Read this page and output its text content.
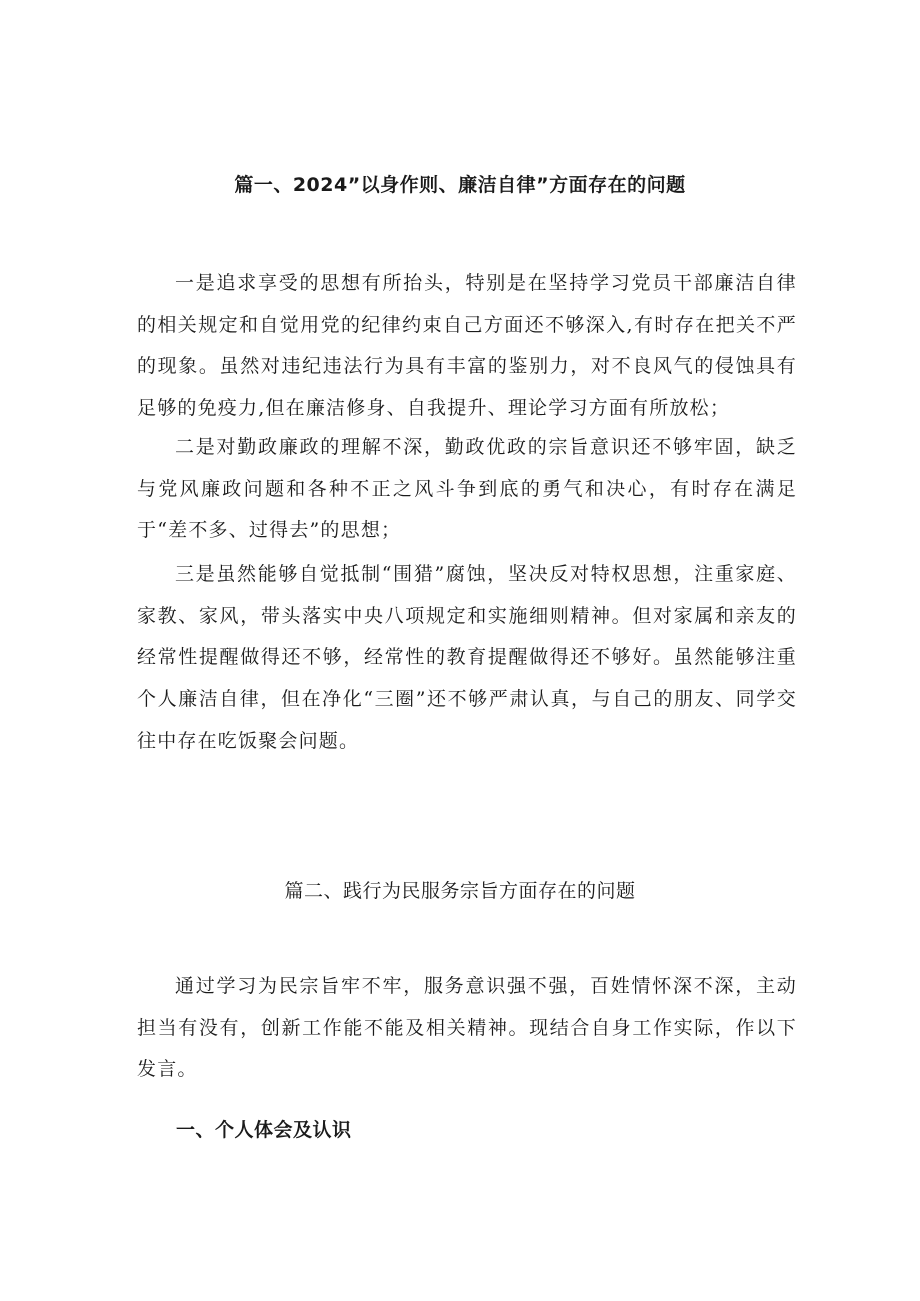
篇一、2024”以身作则、廉洁自律”方面存在的问题

一是追求享受的思想有所抬头，特别是在坚持学习党员干部廉洁自律的相关规定和自觉用党的纪律约束自己方面还不够深入,有时存在把关不严的现象。虽然对违纪违法行为具有丰富的鉴别力，对不良风气的侵蚀具有足够的免疫力,但在廉洁修身、自我提升、理论学习方面有所放松；

二是对勤政廉政的理解不深，勤政优政的宗旨意识还不够牢固，缺乏与党风廉政问题和各种不正之风斗争到底的勇气和决心，有时存在满足于“差不多、过得去”的思想；

三是虽然能够自觉抵制“围猎”腐蚀，坚决反对特权思想，注重家庭、家教、家风，带头落实中央八项规定和实施细则精神。但对家属和亲友的经常性提醒做得还不够，经常性的教育提醒做得还不够好。虽然能够注重个人廉洁自律，但在净化“三圈”还不够严肃认真，与自己的朋友、同学交往中存在吃饭聚会问题。

篇二、践行为民服务宗旨方面存在的问题

通过学习为民宗旨牢不牢，服务意识强不强，百姓情怀深不深，主动担当有没有，创新工作能不能及相关精神。现结合自身工作实际，作以下发言。

一、个人体会及认识
